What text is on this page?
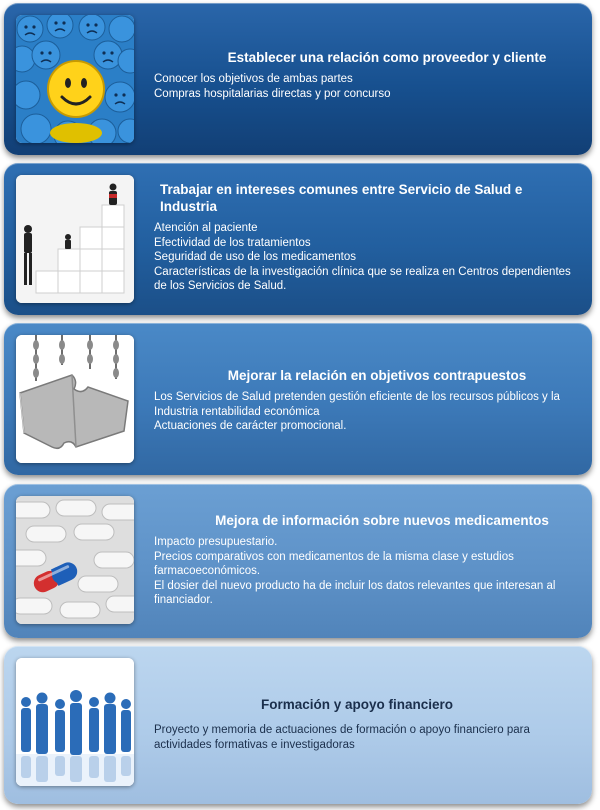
Establecer una relación como proveedor y cliente

Conocer los objetivos de ambas partes
Compras hospitalarias directas y por concurso

Trabajar en intereses comunes entre Servicio de Salud e Industria

Atención al paciente
Efectividad de los tratamientos
Seguridad de uso de los medicamentos
Características de la investigación clínica que se realiza en Centros dependientes de los Servicios de Salud.

Mejorar la relación en objetivos contrapuestos

Los Servicios de Salud pretenden gestión eficiente de los recursos públicos y la Industria rentabilidad económica
Actuaciones de carácter promocional.

Mejora de información sobre nuevos medicamentos

Impacto presupuestario.
Precios comparativos con medicamentos de la misma clase y estudios farmacoeconómicos.
El dosier del nuevo producto ha de incluir los datos relevantes que interesan al financiador.

Formación y apoyo financiero

Proyecto y memoria de actuaciones de formación o apoyo financiero para actividades formativas e investigadoras
